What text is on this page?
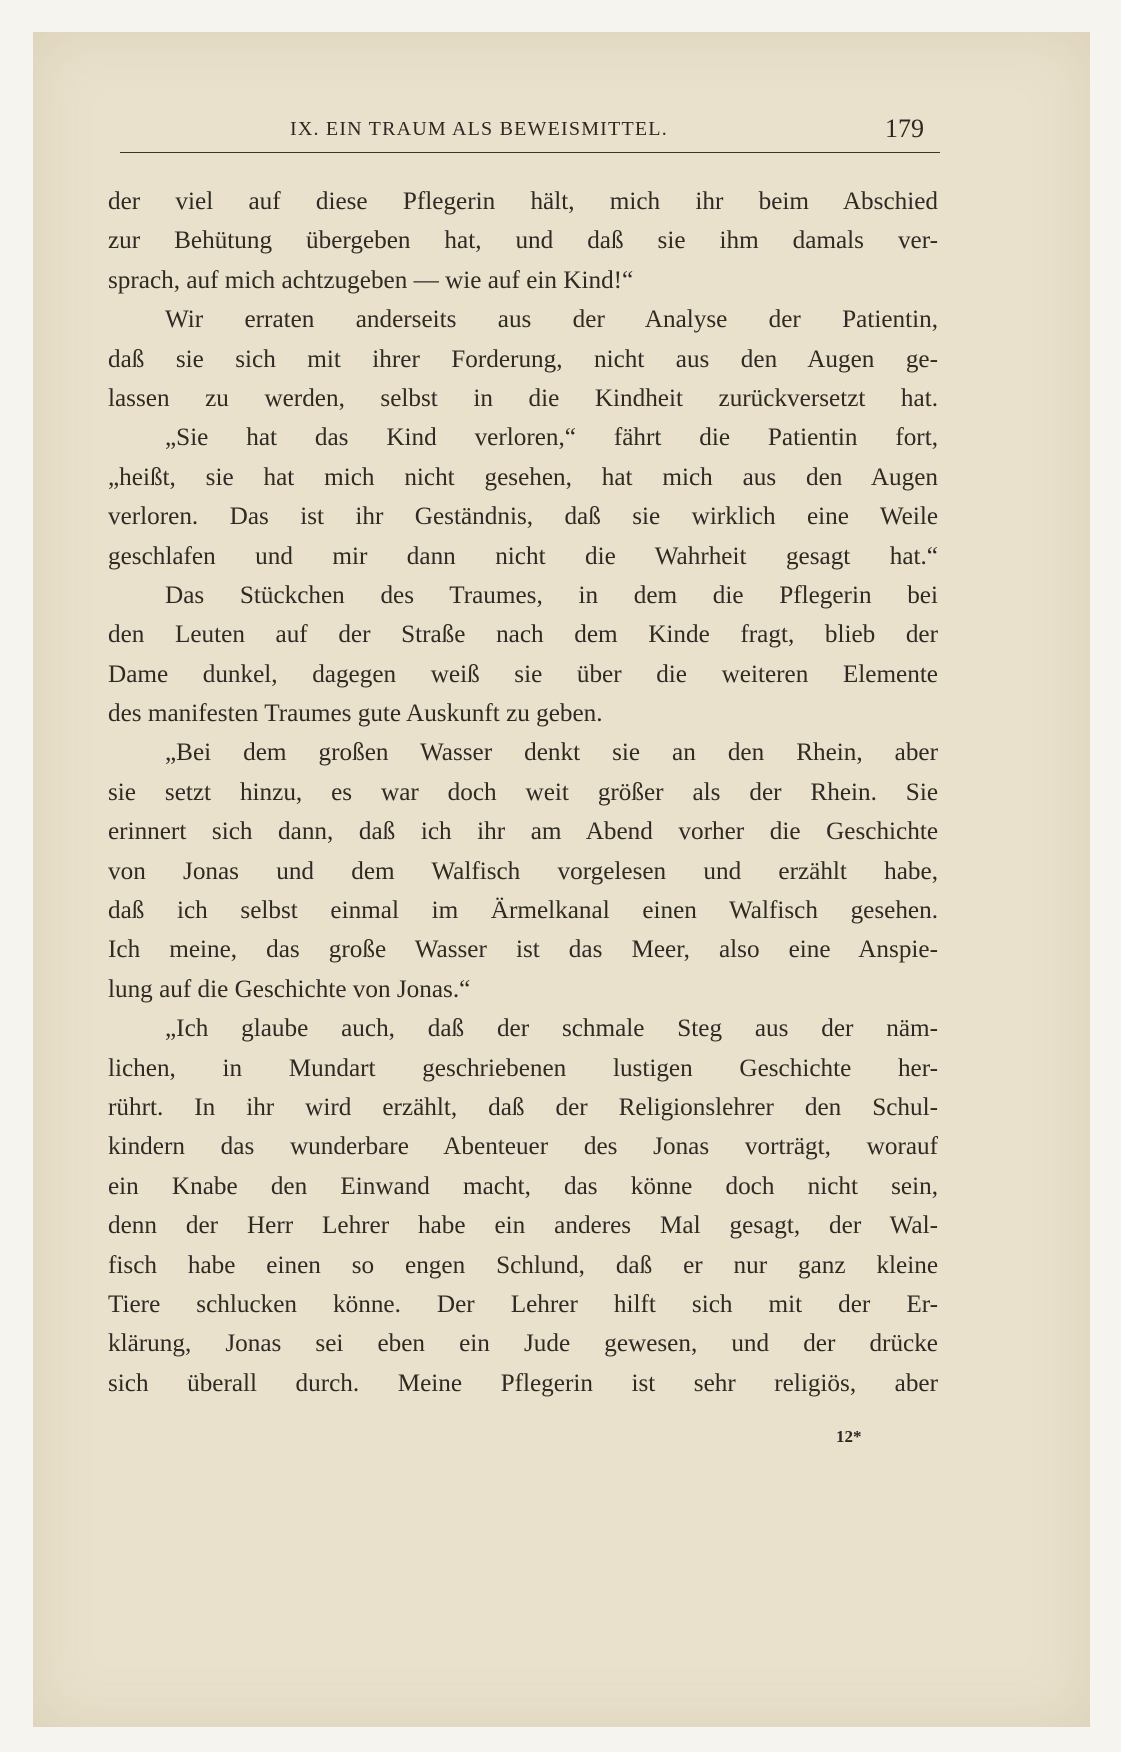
IX. EIN TRAUM ALS BEWEISMITTEL.	179
der viel auf diese Pflegerin hält, mich ihr beim Abschied
zur Behütung übergeben hat, und daß sie ihm damals ver-
sprach, auf mich achtzugeben — wie auf ein Kind!“
Wir erraten anderseits aus der Analyse der Patientin,
daß sie sich mit ihrer Forderung, nicht aus den Augen ge-
lassen zu werden, selbst in die Kindheit zurückversetzt hat.
„Sie hat das Kind verloren,“ fährt die Patientin fort,
„heißt, sie hat mich nicht gesehen, hat mich aus den Augen
verloren. Das ist ihr Geständnis, daß sie wirklich eine Weile
geschlafen und mir dann nicht die Wahrheit gesagt hat.“
Das Stückchen des Traumes, in dem die Pflegerin bei
den Leuten auf der Straße nach dem Kinde fragt, blieb der
Dame dunkel, dagegen weiß sie über die weiteren Elemente
des manifesten Traumes gute Auskunft zu geben.
„Bei dem großen Wasser denkt sie an den Rhein, aber
sie setzt hinzu, es war doch weit größer als der Rhein. Sie
erinnert sich dann, daß ich ihr am Abend vorher die Geschichte
von Jonas und dem Walfisch vorgelesen und erzählt habe,
daß ich selbst einmal im Ärmelkanal einen Walfisch gesehen.
Ich meine, das große Wasser ist das Meer, also eine Anspie-
lung auf die Geschichte von Jonas.“
„Ich glaube auch, daß der schmale Steg aus der näm-
lichen, in Mundart geschriebenen lustigen Geschichte her-
rührt. In ihr wird erzählt, daß der Religionslehrer den Schul-
kindern das wunderbare Abenteuer des Jonas vorträgt, worauf
ein Knabe den Einwand macht, das könne doch nicht sein,
denn der Herr Lehrer habe ein anderes Mal gesagt, der Wal-
fisch habe einen so engen Schlund, daß er nur ganz kleine
Tiere schlucken könne. Der Lehrer hilft sich mit der Er-
klärung, Jonas sei eben ein Jude gewesen, und der drücke
sich überall durch. Meine Pflegerin ist sehr religiös, aber
12*
